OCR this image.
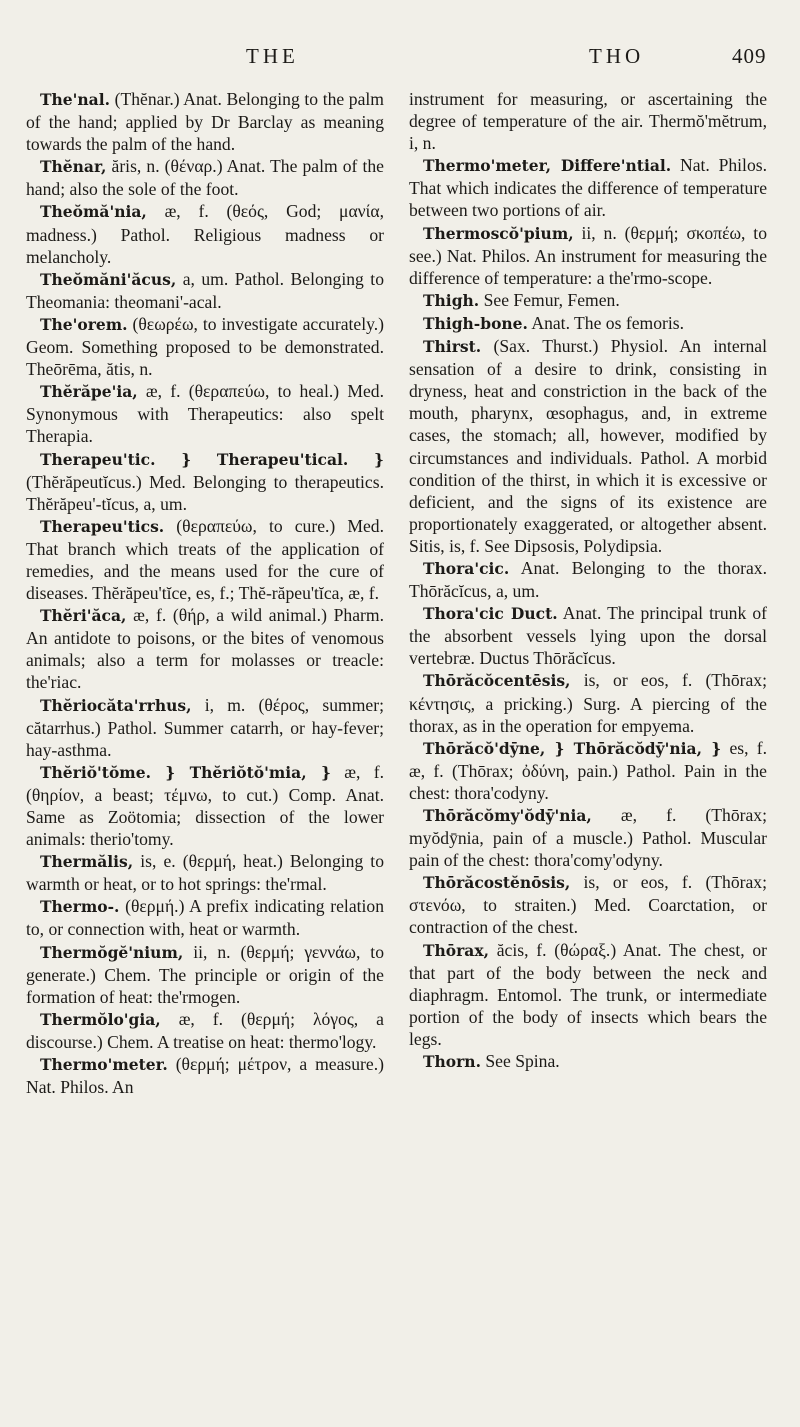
THE	THO	409

The'nal. (Thĕnar.) Anat. Belonging to the palm of the hand; applied by Dr Barclay as meaning towards the palm of the hand.

Thĕnar, ăris, n. (θέναρ.) Anat. The palm of the hand; also the sole of the foot.

Theŏmă'nia, æ, f. (θεός, God; μανία, madness.) Pathol. Religious madness or melancholy.

Theŏmăni'ăcus, a, um. Pathol. Belonging to Theomania: theomani'-acal.

The'orem. (θεωρέω, to investigate accurately.) Geom. Something proposed to be demonstrated. Theōrēma, ătis, n.

Thĕrăpe'ia, æ, f. (θεραπεύω, to heal.) Med. Synonymous with Therapeutics: also spelt Therapia.

Therapeu'tic. } Therapeu'tical. } (Thĕrăpeutĭcus.) Med. Belonging to therapeutics. Thĕrăpeu'-tĭcus, a, um.

Therapeu'tics. (θεραπεύω, to cure.) Med. That branch which treats of the application of remedies, and the means used for the cure of diseases. Thĕrăpeu'tĭce, es, f.; Thĕ-răpeu'tĭca, æ, f.

Thĕri'ăca, æ, f. (θήρ, a wild animal.) Pharm. An antidote to poisons, or the bites of venomous animals; also a term for molasses or treacle: the'riac.

Thĕriocăta'rrhus, i, m. (θέρος, summer; cătarrhus.) Pathol. Summer catarrh, or hay-fever; hay-asthma.

Thĕriŏ'tŏme. } Thĕriŏtŏ'mia, } æ, f. (θηρίον, a beast; τέμνω, to cut.) Comp. Anat. Same as Zoötomia; dissection of the lower animals: therio'tomy.

Thermălis, is, e. (θερμή, heat.) Belonging to warmth or heat, or to hot springs: the'rmal.

Thermo-. (θερμή.) A prefix indicating relation to, or connection with, heat or warmth.

Thermŏgĕ'nium, ii, n. (θερμή; γεννάω, to generate.) Chem. The principle or origin of the formation of heat: the'rmogen.

Thermŏlo'gia, æ, f. (θερμή; λόγος, a discourse.) Chem. A treatise on heat: thermo'logy.

Thermo'meter. (θερμή; μέτρον, a measure.) Nat. Philos. An

instrument for measuring, or ascertaining the degree of temperature of the air. Thermŏ'mĕtrum, i, n.

Thermo'meter, Differe'ntial. Nat. Philos. That which indicates the difference of temperature between two portions of air.

Thermoscŏ'pium, ii, n. (θερμή; σκοπέω, to see.) Nat. Philos. An instrument for measuring the difference of temperature: a the'rmo-scope.

Thigh. See Femur, Femen.

Thigh-bone. Anat. The os femoris.

Thirst. (Sax. Thurst.) Physiol. An internal sensation of a desire to drink, consisting in dryness, heat and constriction in the back of the mouth, pharynx, œsophagus, and, in extreme cases, the stomach; all, however, modified by circumstances and individuals. Pathol. A morbid condition of the thirst, in which it is excessive or deficient, and the signs of its existence are proportionately exaggerated, or altogether absent. Sitis, is, f. See Dipsosis, Polydipsia.

Thora'cic. Anat. Belonging to the thorax. Thōrăcĭcus, a, um.

Thora'cic Duct. Anat. The principal trunk of the absorbent vessels lying upon the dorsal vertebræ. Ductus Thōrăcĭcus.

Thōrăcŏcentēsis, is, or eos, f. (Thōrax; κέντησις, a pricking.) Surg. A piercing of the thorax, as in the operation for empyema.

Thōrăcŏ'dȳne, } Thōrăcŏdȳ'nia, } es, f. æ, f. (Thōrax; ὀδύνη, pain.) Pathol. Pain in the chest: thora'codyny.

Thōrăcŏmy'ŏdȳ'nia, æ, f. (Thōrax; myŏdȳnia, pain of a muscle.) Pathol. Muscular pain of the chest: thora'comy'odyny.

Thōrăcostĕnōsis, is, or eos, f. (Thōrax; στενόω, to straiten.) Med. Coarctation, or contraction of the chest.

Thōrax, ăcis, f. (θώραξ.) Anat. The chest, or that part of the body between the neck and diaphragm. Entomol. The trunk, or intermediate portion of the body of insects which bears the legs.

Thorn. See Spina.
